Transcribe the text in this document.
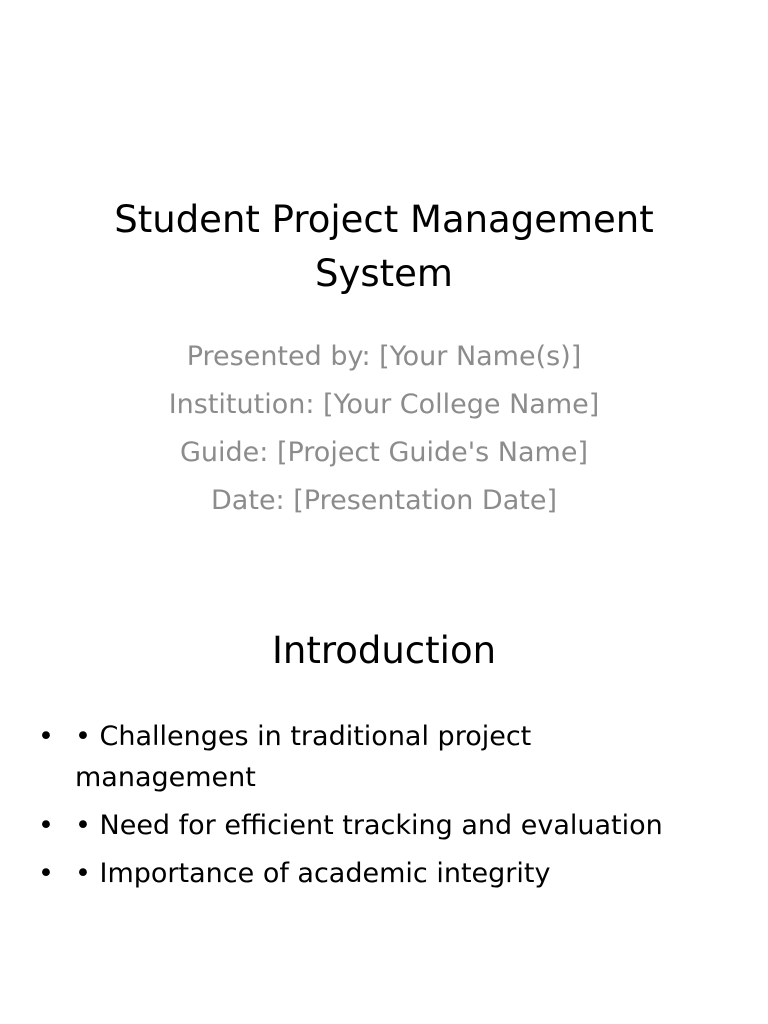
Student Project Management System
Presented by: [Your Name(s)]
Institution: [Your College Name]
Guide: [Project Guide's Name]
Date: [Presentation Date]
Introduction
• • Challenges in traditional project management
• • Need for efficient tracking and evaluation
• • Importance of academic integrity
